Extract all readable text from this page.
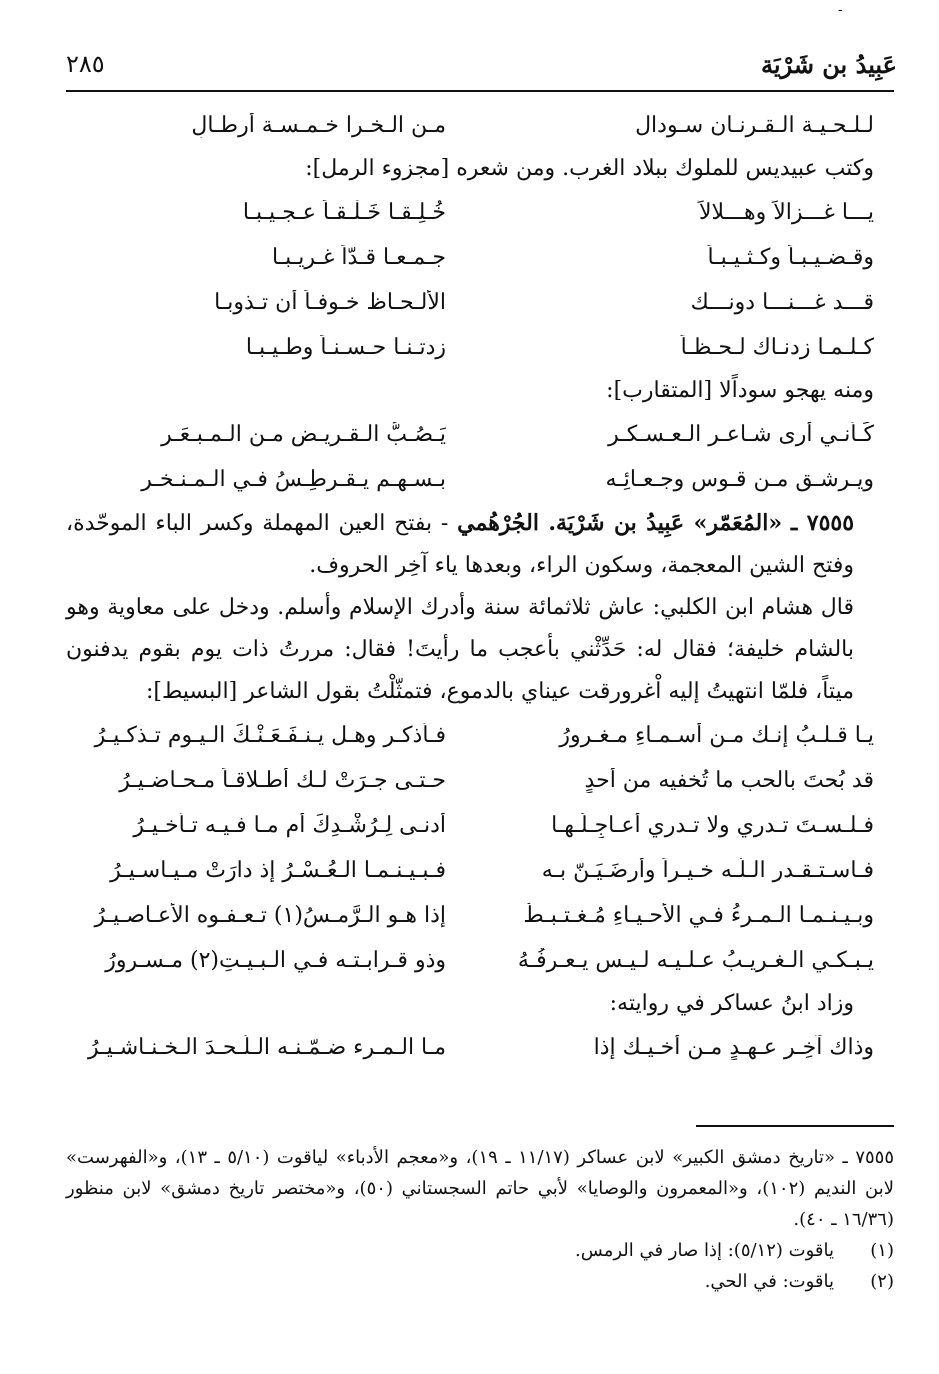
-
عَبِيدُ بن شَرْيَة
٢٨٥
لـلـحـيـة الـقـرنـان سـودال
مـن الـخـرا خـمـسـة أرطـالِ

وكتب عبيديس للملوك ببلاد الغرب. ومن شعره [مجزوء الرمل]:

يـــا غـــزالاً وهـــلالاً
خُـلِـقـا خَـلْـقـاً عـجـيـبـا
وقـضـيـبـاً وكـثـيـبـاً
جـمـعـا قـدّاً غـريـبـا
قـــد غـــنـــا دونـــك
الألـحـاظ خـوفـاً أن تـذوبـا
كـلـمـا زدنـاك لـحـظـاً
زدتـنـا حـسـنـاً وطـيـبـا

ومنه يهجو سوداًلا [المتقارب]:

كَـأنـي أرى شـاعـر الـعـسـكـر
يَـصُـبُّ الـقـريـض مـن الـمـبـعَـرِ
ويـرشـق مـن قـوس وجـعـائِـه
بـسـهـمٍ يـقـرطِـسُ فـي الـمـنـخـر

٧٥٥٥ ـ «المُعَمّر» عَبِيدُ بن شَرْيَة. الجُرْهُمي - بفتح العين المهملة وكسر الباء الموحّدة، وفتح الشين المعجمة، وسكون الراء، وبعدها ياء آخِر الحروف.

قال هشام ابن الكلبي: عاش ثلاثمائة سنة وأدرك الإسلام وأسلم. ودخل على معاوية وهو بالشام خليفة؛ فقال له: حَدِّثْني بأعجب ما رأيتَ! فقال: مررتُ ذات يوم بقوم يدفنون ميتاً، فلمّا انتهيتُ إليه اْغرورقت عيناي بالدموع، فتمثّلْتُ بقول الشاعر [البسيط]:

يـا قـلـبُ إنـك مـن أسـمـاءِ مـغـرورُ
فـأذكـر وهـل يـنـفَـعَـنْـكَ الـيـوم تـذكـيـرُ
قد بُحتَ بالحب ما تُخفيه من أحدٍ
حـتـى جـرَتْ لـك أطـلاقـاً مـحـاضـيـرُ
فـلـسـتَ تـدري ولا تـدري أعـاجِـلُـهـا
أدنـى لِـرُشْـدِكَ أم مـا فـيـه تـأخـيـرُ
فـاسـتـقـدر الـلّـه خـيـراً وأرضَـيَـنّ بـه
فـبـيـنـمـا الـعُـسْـرُ إذ دارَتْ مـيـاسـيـرُ
وبـيـنـمـا الـمـرءُ فـي الأحـيـاءِ مُـغـتـبـطٌ
إذا هـو الـرَّمـسُ(١) تـعـفـوه الأعـاصـيـرُ
يـبـكـي الـغـريـبُ عـلـيـه لـيـس يـعـرفُـهُ
وذو قـرابـتـه فـي الـبـيـتِ(٢) مـسـرورُ

وزاد ابنُ عساكر في روايته:

وذاك آخِـرِ عـهـدٍ مـن أخـيـك إذا
مـا الـمـرء ضـمّـنـه الـلّـحـدَ الـخـنـاشـيـرُ

٧٥٥٥ ـ «تاريخ دمشق الكبير» لابن عساكر (١١/١٧ ـ ١٩)، و«معجم الأدباء» لياقوت (٥/١٠ ـ ١٣)، و«الفهرست» لابن النديم (١٠٢)، و«المعمرون والوصايا» لأبي حاتم السجستاني (٥٠)، و«مختصر تاريخ دمشق» لابن منظور (١٦/٣٦ ـ ٤٠).

(١)
ياقوت (٥/١٢): إذا صار في الرمس.
(٢)
ياقوت: في الحي.
